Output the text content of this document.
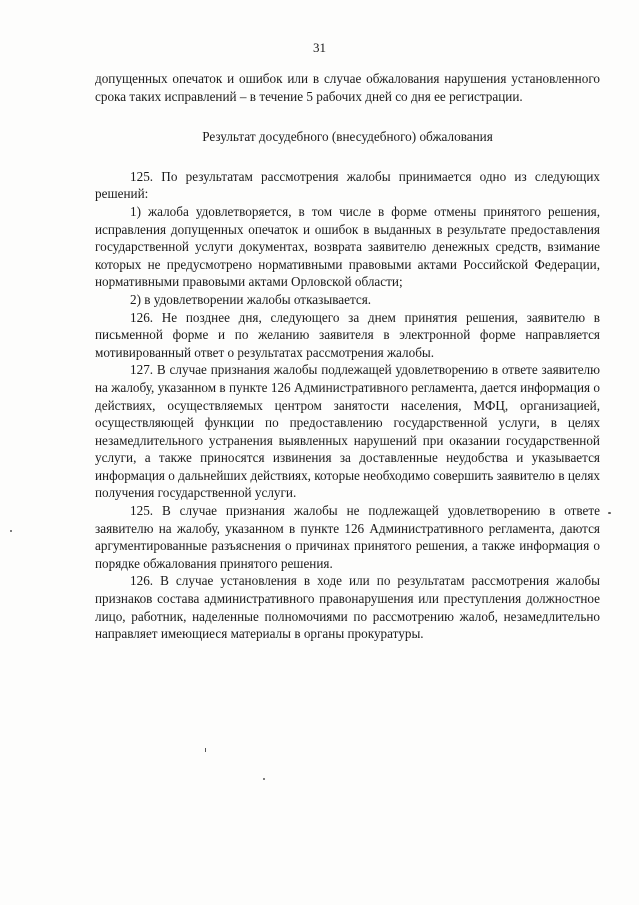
31

допущенных опечаток и ошибок или в случае обжалования нарушения установленного срока таких исправлений – в течение 5 рабочих дней со дня ее регистрации.

Результат досудебного (внесудебного) обжалования

125. По результатам рассмотрения жалобы принимается одно из следующих решений:

1) жалоба удовлетворяется, в том числе в форме отмены принятого решения, исправления допущенных опечаток и ошибок в выданных в результате предоставления государственной услуги документах, возврата заявителю денежных средств, взимание которых не предусмотрено нормативными правовыми актами Российской Федерации, нормативными правовыми актами Орловской области;

2) в удовлетворении жалобы отказывается.

126. Не позднее дня, следующего за днем принятия решения, заявителю в письменной форме и по желанию заявителя в электронной форме направляется мотивированный ответ о результатах рассмотрения жалобы.

127. В случае признания жалобы подлежащей удовлетворению в ответе заявителю на жалобу, указанном в пункте 126 Административного регламента, дается информация о действиях, осуществляемых центром занятости населения, МФЦ, организацией, осуществляющей функции по предоставлению государственной услуги, в целях незамедлительного устранения выявленных нарушений при оказании государственной услуги, а также приносятся извинения за доставленные неудобства и указывается информация о дальнейших действиях, которые необходимо совершить заявителю в целях получения государственной услуги.

125. В случае признания жалобы не подлежащей удовлетворению в ответе заявителю на жалобу, указанном в пункте 126 Административного регламента, даются аргументированные разъяснения о причинах принятого решения, а также информация о порядке обжалования принятого решения.

126. В случае установления в ходе или по результатам рассмотрения жалобы признаков состава административного правонарушения или преступления должностное лицо, работник, наделенные полномочиями по рассмотрению жалоб, незамедлительно направляет имеющиеся материалы в органы прокуратуры.
